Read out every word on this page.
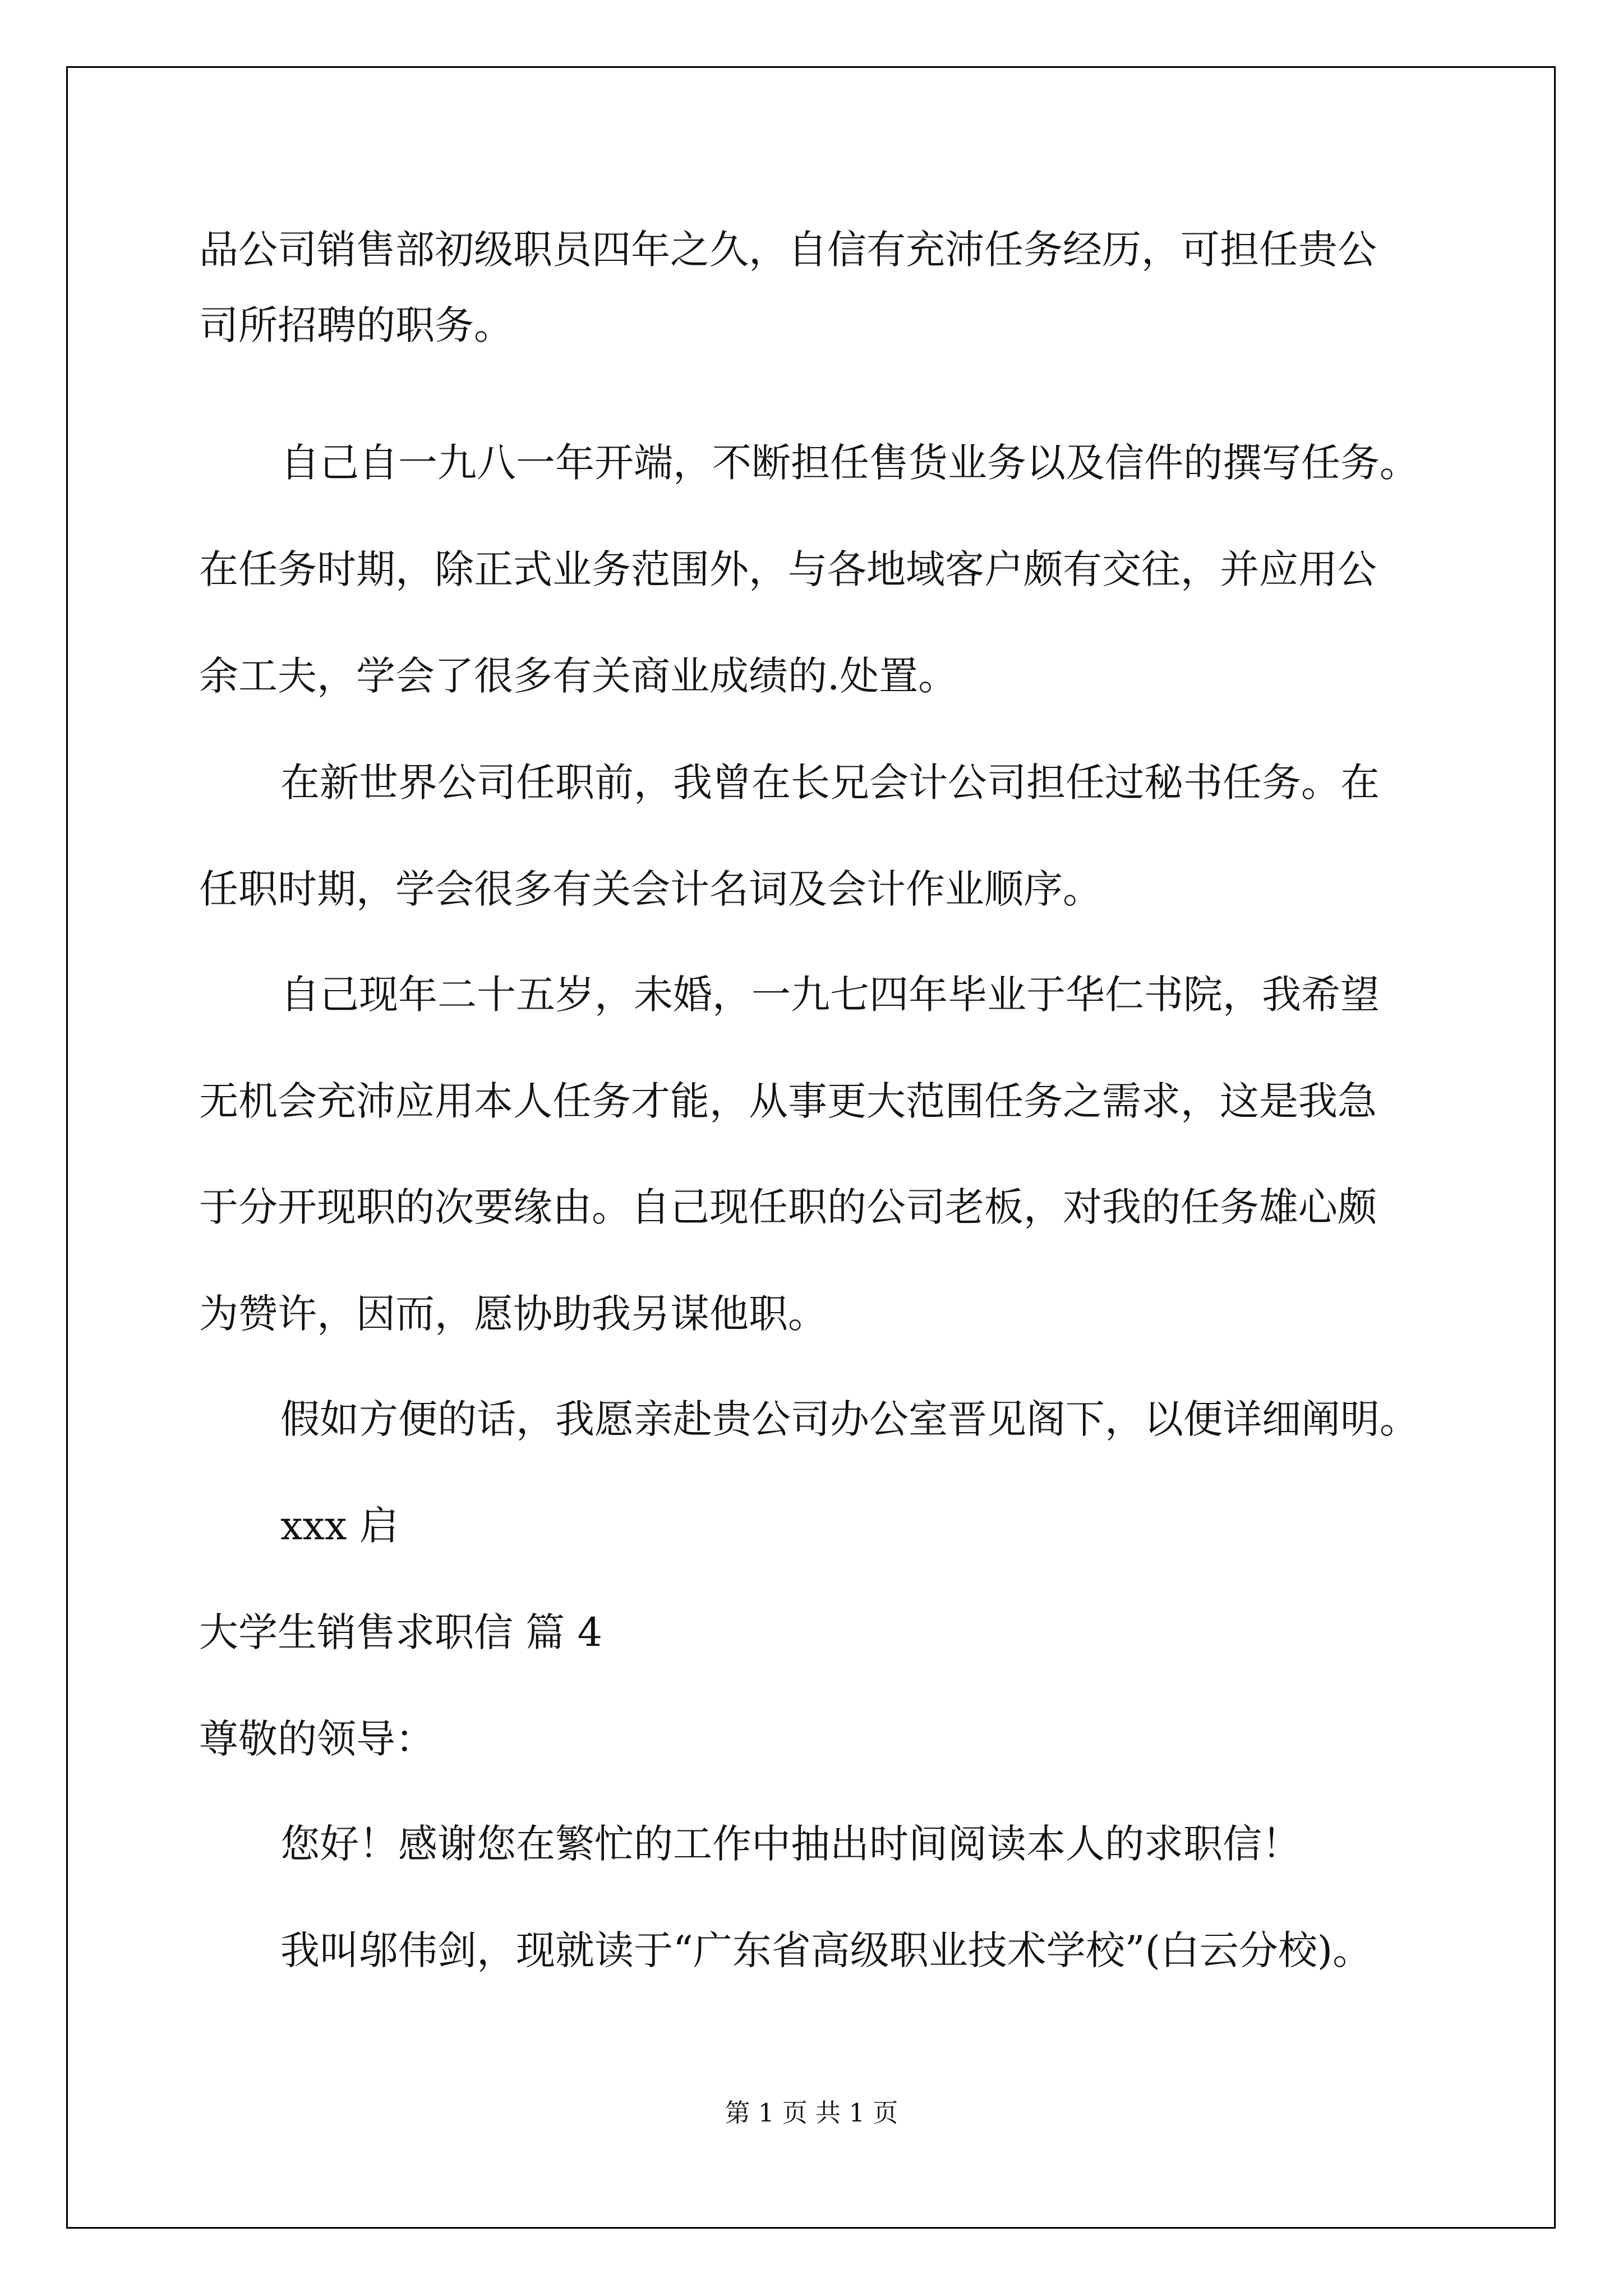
品公司销售部初级职员四年之久，自信有充沛任务经历，可担任贵公

司所招聘的职务。

自己自一九八一年开端，不断担任售货业务以及信件的撰写任务。

在任务时期，除正式业务范围外，与各地域客户颇有交往，并应用公

余工夫，学会了很多有关商业成绩的.处置。

在新世界公司任职前，我曾在长兄会计公司担任过秘书任务。在

任职时期，学会很多有关会计名词及会计作业顺序。

自己现年二十五岁，未婚，一九七四年毕业于华仁书院，我希望

无机会充沛应用本人任务才能，从事更大范围任务之需求，这是我急

于分开现职的次要缘由。自己现任职的公司老板，对我的任务雄心颇

为赞许，因而，愿协助我另谋他职。

假如方便的话，我愿亲赴贵公司办公室晋见阁下，以便详细阐明。

xxx 启

大学生销售求职信 篇 4

尊敬的领导：

您好！感谢您在繁忙的工作中抽出时间阅读本人的求职信！

我叫邬伟剑，现就读于“广东省高级职业技术学校”(白云分校)。

第 1 页 共 1 页
